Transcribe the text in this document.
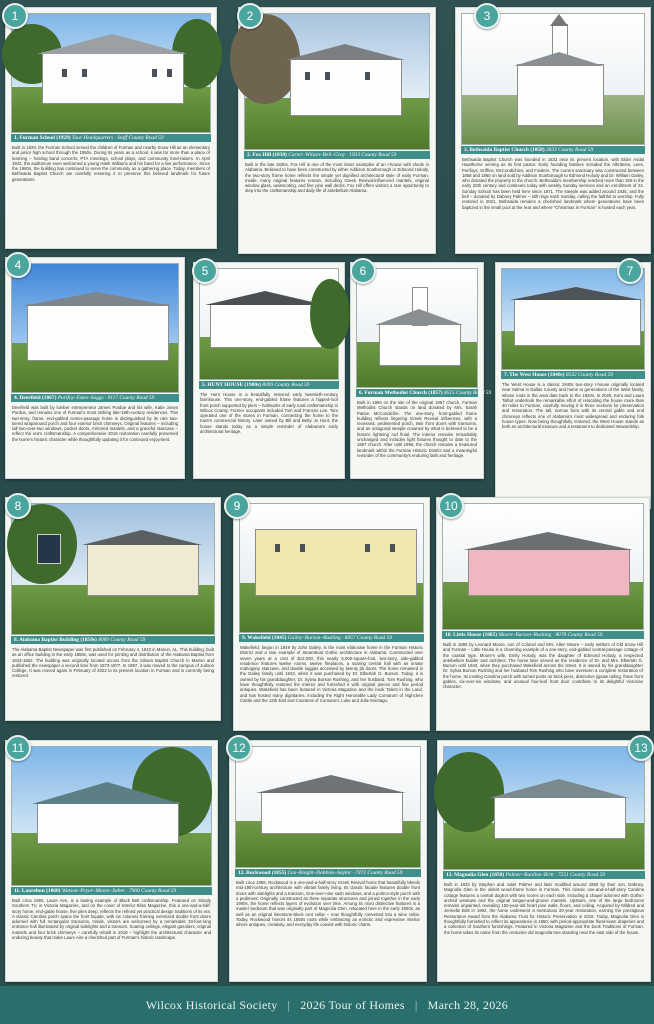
1. Furman School (1929) Tour Headquarters · Staff County Road 59
Built in 1929, the Furman School served the children of Furman and nearby Snow Hill as an elementary and junior high school through the 1950s. During its years as a school, it was far more than a place of learning – hosting band concerts, PTA meetings, school plays, and community fund-raisers. In April 1942, the auditorium even welcomed a young Hank Williams and his band for a live performance. Since the 1960s, the building has continued to serve the community as a gathering place. Today, members of Bethsaida Baptist Church are carefully restoring it to preserve this beloved landmark for future generations.
1
2. Fox Hill (1830) Carter–Wilson–Bell–Gray · 1933 County Road 59
Built in the late 1830s, Fox Hill is one of the most intact examples of an I-house with sheds in Alabama. Believed to have been constructed by either Addison Scarborough or Edmond Holody, the two-story frame home reflects the simple yet dignified architectural style of early Furman. Inside, many original features remain, including Greek Revival-influenced mantels, original window glass, wainscoting, and fine pine wall decks. Fox Hill offers visitors a rare opportunity to step into the craftsmanship and daily life of antebellum Alabama.
2
3. Bethsaida Baptist Church (1858) 2033 County Road 59
Bethsaida Baptist Church was founded in 1833 near its present location, with Elder Asdal Hawthorne serving as its first pastor. Early founding families included the Albrittons, Lees, Purifoys, Griffins, McCondichies, and Fowlers. The current sanctuary was constructed between 1858 and 1860 on land sold by Addison Scarborough to Edmond Holody and Dr. William Gailey, who donated the property to the church. Bethsaida's membership reached more than 150 in the early 20th century and continues today with weekly Sunday services and an enrollment of 22. Sunday School has been held here since 1871. The steeple was added around 1935, and the bell – donated by Dabney Palmer – still rings each Sunday, calling the faithful to worship. Fully restored in 2021, Bethsaida remains a cherished landmark where generations have been baptized in the small pool at the rear and where "Christmas in Furman" is hosted each year.
3
4. Deerfield (1867) Purifoy–Estes–Saggs · 9117 County Road 59
Deerfield was built by lumber entrepreneur James Purdue and his wife, Katie Jones Purdue, and remains one of Furman's most striking late-19th-century residences. This two-story, frame, end-gabled center-passage home is distinguished by its rare two-tiered wraparound porch and four exterior brick chimneys. Original features – including tall two-over-two windows, pocket doors, mirrored mantels, and a graceful staircase – reflect the era's craftsmanship. A comprehensive 2016 restoration carefully preserved the home's historic character while thoughtfully updating it for continued enjoyment.
4
5. HUNT HOUSE (1900s) 8009 County Road 59
The Hunt House is a beautifully restored early twentieth-century farmhouse. This one-story, end-gabled frame features a hipped-roof front porch supported by piers – hallmarks of early rural craftsmanship in Wilcox County. Former occupants included Tom and Frances Lee. Tom operated one of the stores in Furman, connecting the home to the town's commercial history. Later owned by Bill and Betty Jo Hunt, the house stands today as a simple reminder of Alabama's early architectural heritage.
5
6. Furman Methodist Church (1857) 8515 County Road 59
Built in 1860 on the site of the original 1857 church, Furman Methodist Church stands on land donated by Mrs. Sarah Patton McCondichie. The one-story, front-gabled frame building reflects lingering Greek Revival influences, with a recessed, pedimented porch, twin front doors with transoms, and an octagonal steeple crowned by what is believed to be a historic lightning rod finial. The interior remains remarkably unchanged and includes light fixtures thought to date to the 1857 church. After until 1996, the church remains a treasured landmark within the Furman Historic District and a meaningful reminder of the community's enduring faith and heritage.
6
7. The West House (1840s) 8542 County Road 59
The West House is a classic 1840s two-story I-house originally located near Selma in Dallas County and home to generations of the West family, whose roots in the area date back to the 1820s. In 2025, Kent and Laura Talbot undertook the remarkable effort of relocating the house more than 40 miles to Furman, carefully moving it in three sections for preservation and restoration. The tall, narrow form with its central gable and end chimneys reflects one of Alabama's most widespread and enduring folk house types. Now being thoughtfully restored, the West House stands as both an architectural treasure and a testament to dedicated stewardship.
7
8. Alabama Baptist Building (1850s) 8089 County Road 59
The Alabama Baptist Newspaper was first published on February 4, 1843 in Marion, AL. This building, built as an office building in the early 1850s, was used for printing and distribution of the Alabama Baptist from 1843-1852. The building was originally located across from the Siloam Baptist Church in Marion and published the newspaper a second time from 1873-1877. In 1997, it was moved to the campus of Judson College. It was moved again in February of 2022 to its present location in Furman and is currently being restored.
8
9. Wakefield (1845) Gailey–Burson–Rushing · 8057 County Road 59
Wakefield, begun in 1849 by John Dailey, is the most elaborate home in the Furman Historic District and a rare example of Steamboat Gothic architecture in Alabama. Constructed over seven years at a cost of $12,000, this nearly 6,000-square-foot, two-story, side-gabled residence features twelve rooms, twelve fireplaces, a soaring central hall with an ornate mahogany staircase, and double loggias accessed by twenty jib doors. The home remained in the Gailey family until 1943, when it was purchased by Dr. Elbertah G. Burson. Today, it is owned by his granddaughter, Dr. Sylvia Burson Rushing, and her husband, Tom Rushing, who have thoughtfully restored the interior and furnished it with original pieces and fine period antiques. Wakefield has been featured in Victoria Magazine and the book Talent in the Land, and has hosted many dignitaries, including the Right Honorable Lady Cornarom of Highclere Castle and the 12th Earl and Countess of Cornarom, Luke and Julie Montagu.
9
10. Little House (1885) Moore–Burson–Rushing · 8078 County Road 59
Built in 1885 by Leonard Moore, son of Colonel and Mrs. Allen Moore – early settlers of Old Snow Hill and Furman – Little House is a charming example of a one-story, end-gabled central-passage cottage of the coastal type. Moore's wife, Emily Holody, was the daughter of Edmond Holody, a respected antebellum builder and architect. The home later served as the residence of Dr. and Mrs. Elbertah G. Burson until 1943, when they purchased Wakefield across the street. It is owned by his granddaughter Dr. Sylvia Burson Rushing and her husband Tom Rushing who have overseen a complete restoration of the home. Its inviting Carolina porch with turned posts on brick piers, distinctive jigsaw railing, three front gables, six-over-six windows, and unusual four-leaf front door contribute to its delightful Victorian character.
10
11. Laurelton (1860) Watson–Pryor–Moore–Saber · 7960 County Road 59
Built circa 1860, Laure Aire, is a lasting example of Black Belt craftsmanship. Featured on Simply Southern TV, in Victoria Magazine, and on the cover of Interior Bliss Magazine, this a one-and-a-half-story home, end-gable house, five piles deep, reflects the refined yet practical design traditions of its era. A classic Carolina porch spans the front façade, with six columns framing oversized double front doors adorned with full rectangular transoms. Inside, visitors are welcomed by a remarkable 33-foot-long entrance hall illuminated by original sidelights and a transom. Soaring ceilings, elegant gasoliers, original mantels and four brick chimneys – carefully rebuilt in 2019 – highlight the architectural character and enduring beauty that make Laure Aire a cherished part of Furman's historic landscape.
11
12. Rockwood (1855) Cox–Knight–Dobbins–Saylor · 7472 County Road 59
Built circa 1855, Rockwood is a one-and-a-half-story Greek Revival home that beautifully blends mid-19th-century architecture with vibrant family living. Its classic facade features double front doors with sidelights and a transom, nine-over-nine sash windows, and a portico-style porch with a pediment. Originally constructed as three separate structures and joined together in the early 1900s, the home reflects layers of evolution over time. Among its most distinctive features is a master bedroom that was originally part of Magnolia Glen, relocated here in the early 1900s, as well as an original limestone-block root cellar – now thoughtfully converted into a wine cellar. Today, Rockwood honors its 1850s roots while embracing an eclectic and expressive interior where antiques, creativity, and everyday life coexist with historic charm.
12
13. Magnolia Glen (1850) Palmer–Burdine–Britt · 7251 County Road 59
Built in 1833 by Stephen and Juliet Palmer and later modified around 1850 by their son, Dabney. Magnolia Glen is the oldest wood-frame home in Furman. This classic one-and-a-half-story Carolina cottage features a central dogtrot with two rooms on each side, including a chapel adorned with Gothic-arched windows and the original tongue-and-groove mantels. Upstairs, one of the large bedrooms remains unpainted, revealing 150-year-old heart pine walls, floors, and ceiling. Acquired by Mildred and Jennelle Britt in 1992, the home underwent a meticulous 20-year restoration, earning the prestigious Restoration Award from the Alabama Trust for Historic Preservation in 2016. Today, Magnolia Glen is thoughtfully furnished to reflect its appearance in 1850, with period-appropriate floral-sewn draperies and a collection of Southern furnishings. Featured in Victoria Magazine and the book Traditions of Furman, the home takes its name from the centuries-old magnolia tree standing near the east side of the house.
13
Wilcox Historical Society | 2026 Tour of Homes | March 28, 2026
